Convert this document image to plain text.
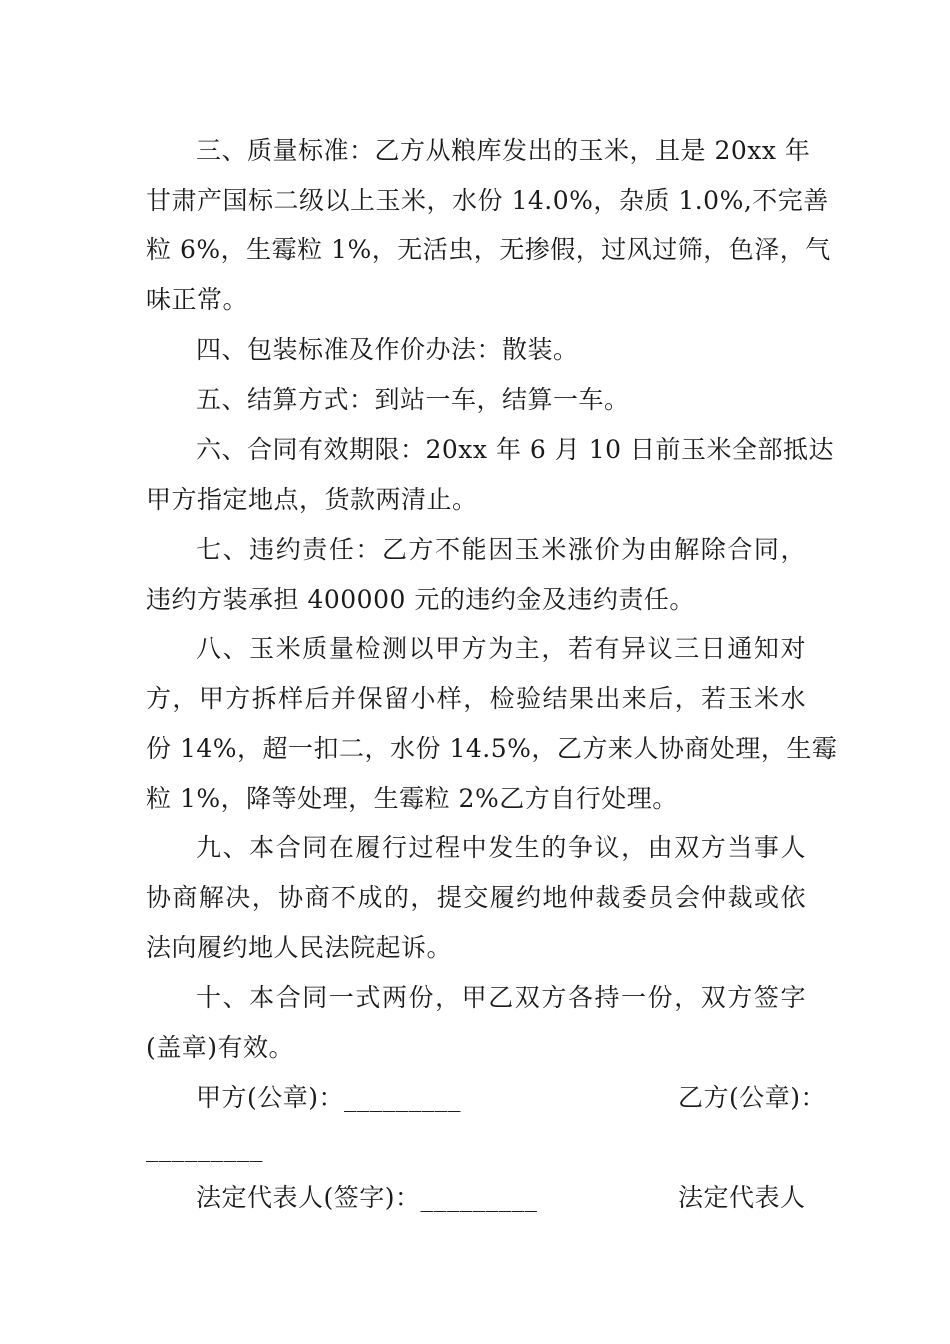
三、质量标准：乙方从粮库发出的玉米，且是 20xx 年
甘肃产国标二级以上玉米，水份 14.0%，杂质 1.0%,不完善
粒 6%，生霉粒 1%，无活虫，无掺假，过风过筛，色泽，气
味正常。
四、包装标准及作价办法：散装。
五、结算方式：到站一车，结算一车。
六、合同有效期限：20xx 年 6 月 10 日前玉米全部抵达
甲方指定地点，货款两清止。
七、违约责任：乙方不能因玉米涨价为由解除合同，
违约方装承担 400000 元的违约金及违约责任。
八、玉米质量检测以甲方为主，若有异议三日通知对
方，甲方拆样后并保留小样，检验结果出来后，若玉米水
份 14%，超一扣二，水份 14.5%，乙方来人协商处理，生霉
粒 1%，降等处理，生霉粒 2%乙方自行处理。
九、本合同在履行过程中发生的争议，由双方当事人
协商解决，协商不成的，提交履约地仲裁委员会仲裁或依
法向履约地人民法院起诉。
十、本合同一式两份，甲乙双方各持一份，双方签字
(盖章)有效。
甲方(公章)：_________	乙方(公章)：
_________
法定代表人(签字)：_________	法定代表人
